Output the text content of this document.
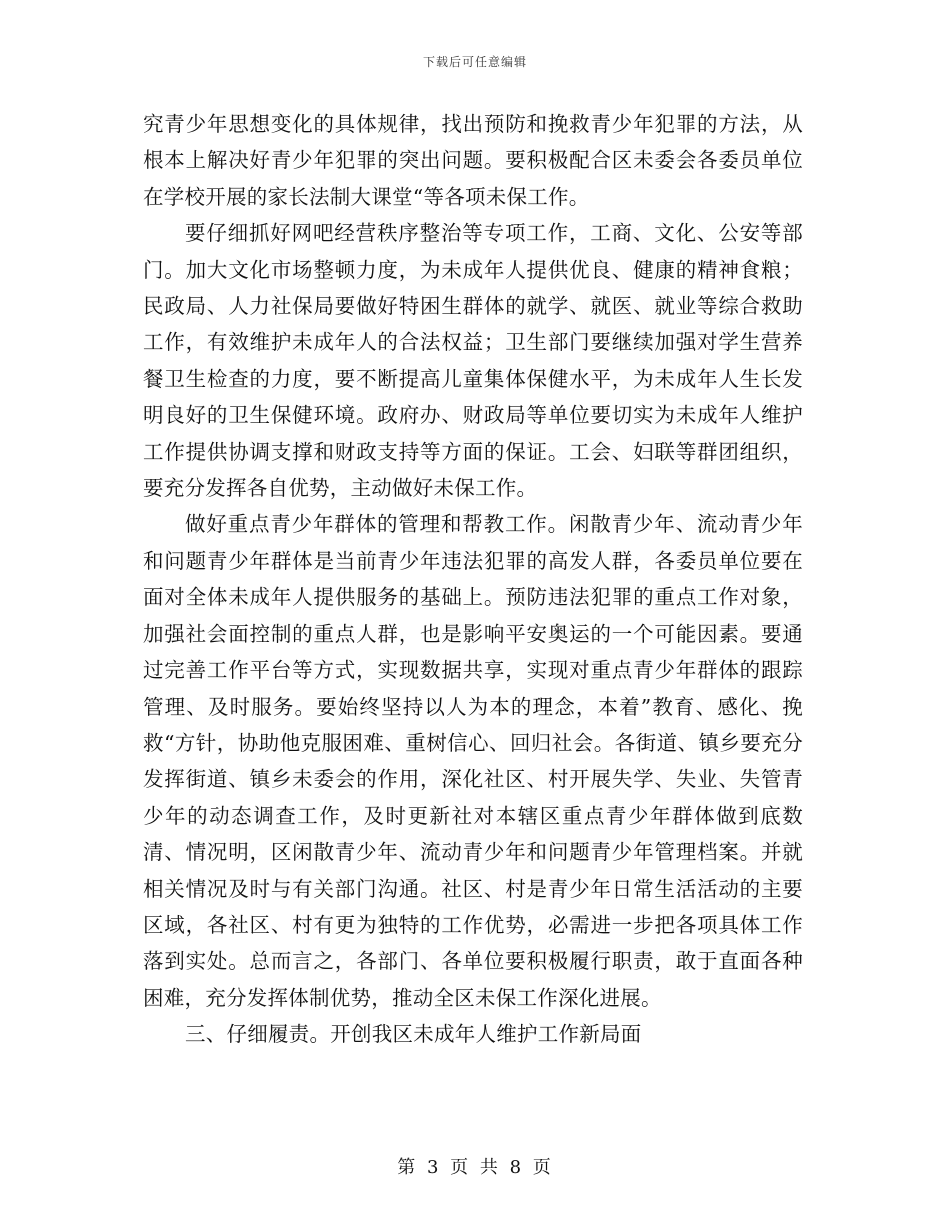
下载后可任意编辑

究青少年思想变化的具体规律，找出预防和挽救青少年犯罪的方法，从根本上解决好青少年犯罪的突出问题。要积极配合区未委会各委员单位在学校开展的家长法制大课堂“等各项未保工作。

要仔细抓好网吧经营秩序整治等专项工作，工商、文化、公安等部门。加大文化市场整顿力度，为未成年人提供优良、健康的精神食粮；民政局、人力社保局要做好特困生群体的就学、就医、就业等综合救助工作，有效维护未成年人的合法权益；卫生部门要继续加强对学生营养餐卫生检查的力度，要不断提高儿童集体保健水平，为未成年人生长发明良好的卫生保健环境。政府办、财政局等单位要切实为未成年人维护工作提供协调支撑和财政支持等方面的保证。工会、妇联等群团组织，要充分发挥各自优势，主动做好未保工作。

做好重点青少年群体的管理和帮教工作。闲散青少年、流动青少年和问题青少年群体是当前青少年违法犯罪的高发人群，各委员单位要在面对全体未成年人提供服务的基础上。预防违法犯罪的重点工作对象，加强社会面控制的重点人群，也是影响平安奥运的一个可能因素。要通过完善工作平台等方式，实现数据共享，实现对重点青少年群体的跟踪管理、及时服务。要始终坚持以人为本的理念，本着”教育、感化、挽救“方针，协助他克服困难、重树信心、回归社会。各街道、镇乡要充分发挥街道、镇乡未委会的作用，深化社区、村开展失学、失业、失管青少年的动态调查工作，及时更新社对本辖区重点青少年群体做到底数清、情况明，区闲散青少年、流动青少年和问题青少年管理档案。并就相关情况及时与有关部门沟通。社区、村是青少年日常生活活动的主要区域，各社区、村有更为独特的工作优势，必需进一步把各项具体工作落到实处。总而言之，各部门、各单位要积极履行职责，敢于直面各种困难，充分发挥体制优势，推动全区未保工作深化进展。

三、仔细履责。开创我区未成年人维护工作新局面

第 3 页 共 8 页
